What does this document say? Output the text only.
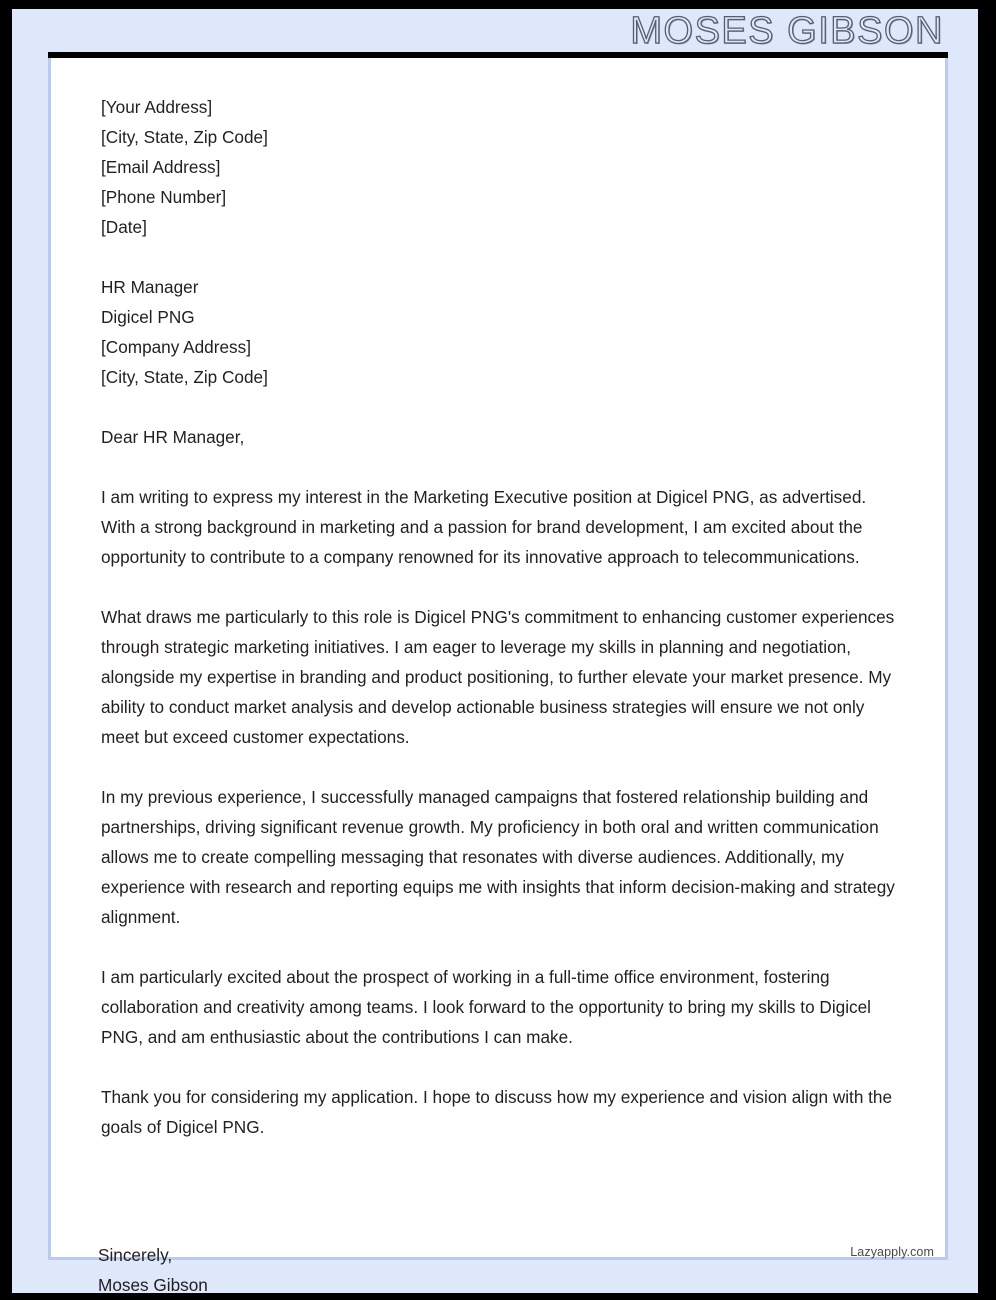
MOSES GIBSON
[Your Address]
[City, State, Zip Code]
[Email Address]
[Phone Number]
[Date]
HR Manager
Digicel PNG
[Company Address]
[City, State, Zip Code]

Dear HR Manager,

I am writing to express my interest in the Marketing Executive position at Digicel PNG, as advertised. With a strong background in marketing and a passion for brand development, I am excited about the opportunity to contribute to a company renowned for its innovative approach to telecommunications.

What draws me particularly to this role is Digicel PNG's commitment to enhancing customer experiences through strategic marketing initiatives. I am eager to leverage my skills in planning and negotiation, alongside my expertise in branding and product positioning, to further elevate your market presence. My ability to conduct market analysis and develop actionable business strategies will ensure we not only meet but exceed customer expectations.

In my previous experience, I successfully managed campaigns that fostered relationship building and partnerships, driving significant revenue growth. My proficiency in both oral and written communication allows me to create compelling messaging that resonates with diverse audiences. Additionally, my experience with research and reporting equips me with insights that inform decision-making and strategy alignment.

I am particularly excited about the prospect of working in a full-time office environment, fostering collaboration and creativity among teams. I look forward to the opportunity to bring my skills to Digicel PNG, and am enthusiastic about the contributions I can make.

Thank you for considering my application. I hope to discuss how my experience and vision align with the goals of Digicel PNG.

Sincerely,
Moses Gibson
Lazyapply.com
